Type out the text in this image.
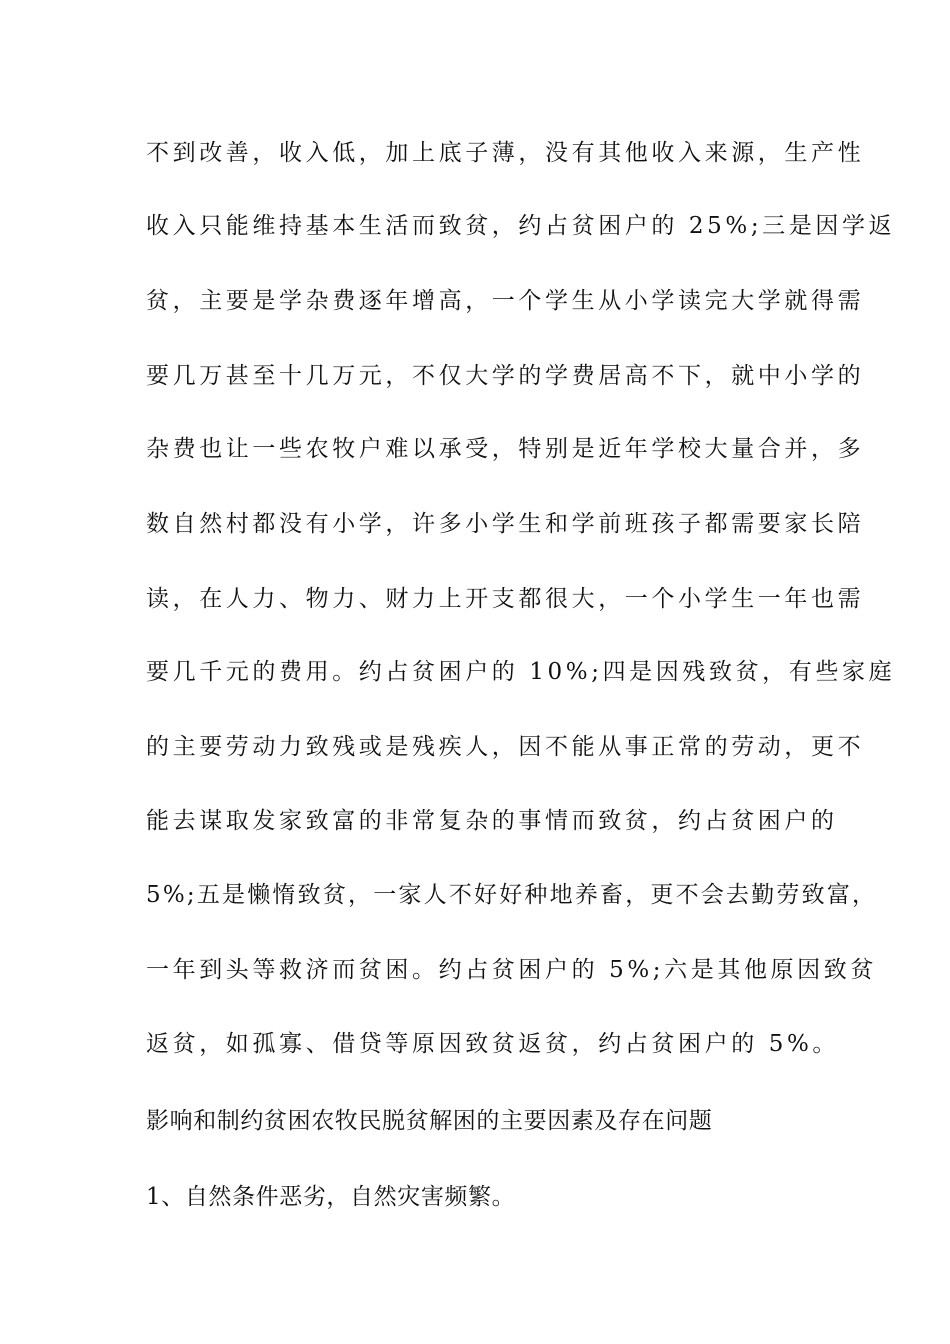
不到改善，收入低，加上底子薄，没有其他收入来源，生产性
收入只能维持基本生活而致贫，约占贫困户的 25%;三是因学返
贫，主要是学杂费逐年增高，一个学生从小学读完大学就得需
要几万甚至十几万元，不仅大学的学费居高不下，就中小学的
杂费也让一些农牧户难以承受，特别是近年学校大量合并，多
数自然村都没有小学，许多小学生和学前班孩子都需要家长陪
读，在人力、物力、财力上开支都很大，一个小学生一年也需
要几千元的费用。约占贫困户的 10%;四是因残致贫，有些家庭
的主要劳动力致残或是残疾人，因不能从事正常的劳动，更不
能去谋取发家致富的非常复杂的事情而致贫，约占贫困户的
5%;五是懒惰致贫，一家人不好好种地养畜，更不会去勤劳致富，
一年到头等救济而贫困。约占贫困户的 5%;六是其他原因致贫
返贫，如孤寡、借贷等原因致贫返贫，约占贫困户的 5%。
影响和制约贫困农牧民脱贫解困的主要因素及存在问题
1、自然条件恶劣，自然灾害频繁。
